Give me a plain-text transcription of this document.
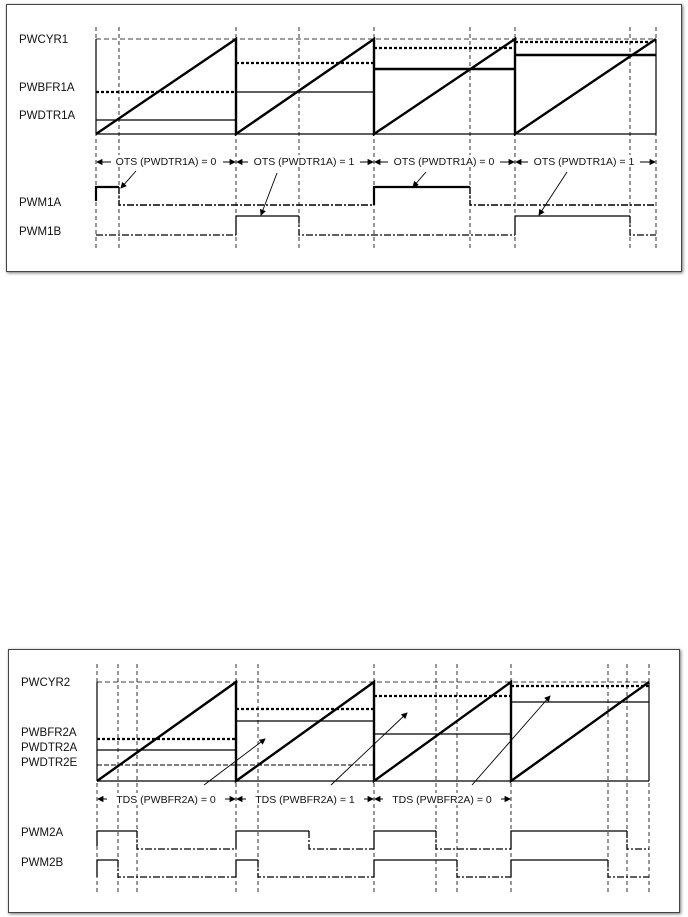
OTS (PWDTR1A) = 0	OTS (PWDTR1A) = 1	OTS (PWDTR1A) = 0	OTS (PWDTR1A) = 1
PWCYR1
PWBFR1A
PWDTR1A
PWM1A
PWM1B
TDS (PWBFR2A) = 0	TDS (PWBFR2A) = 1	TDS (PWBFR2A) = 0
PWCYR2
PWBFR2A
PWDTR2A
PWDTR2E
PWM2A
PWM2B
